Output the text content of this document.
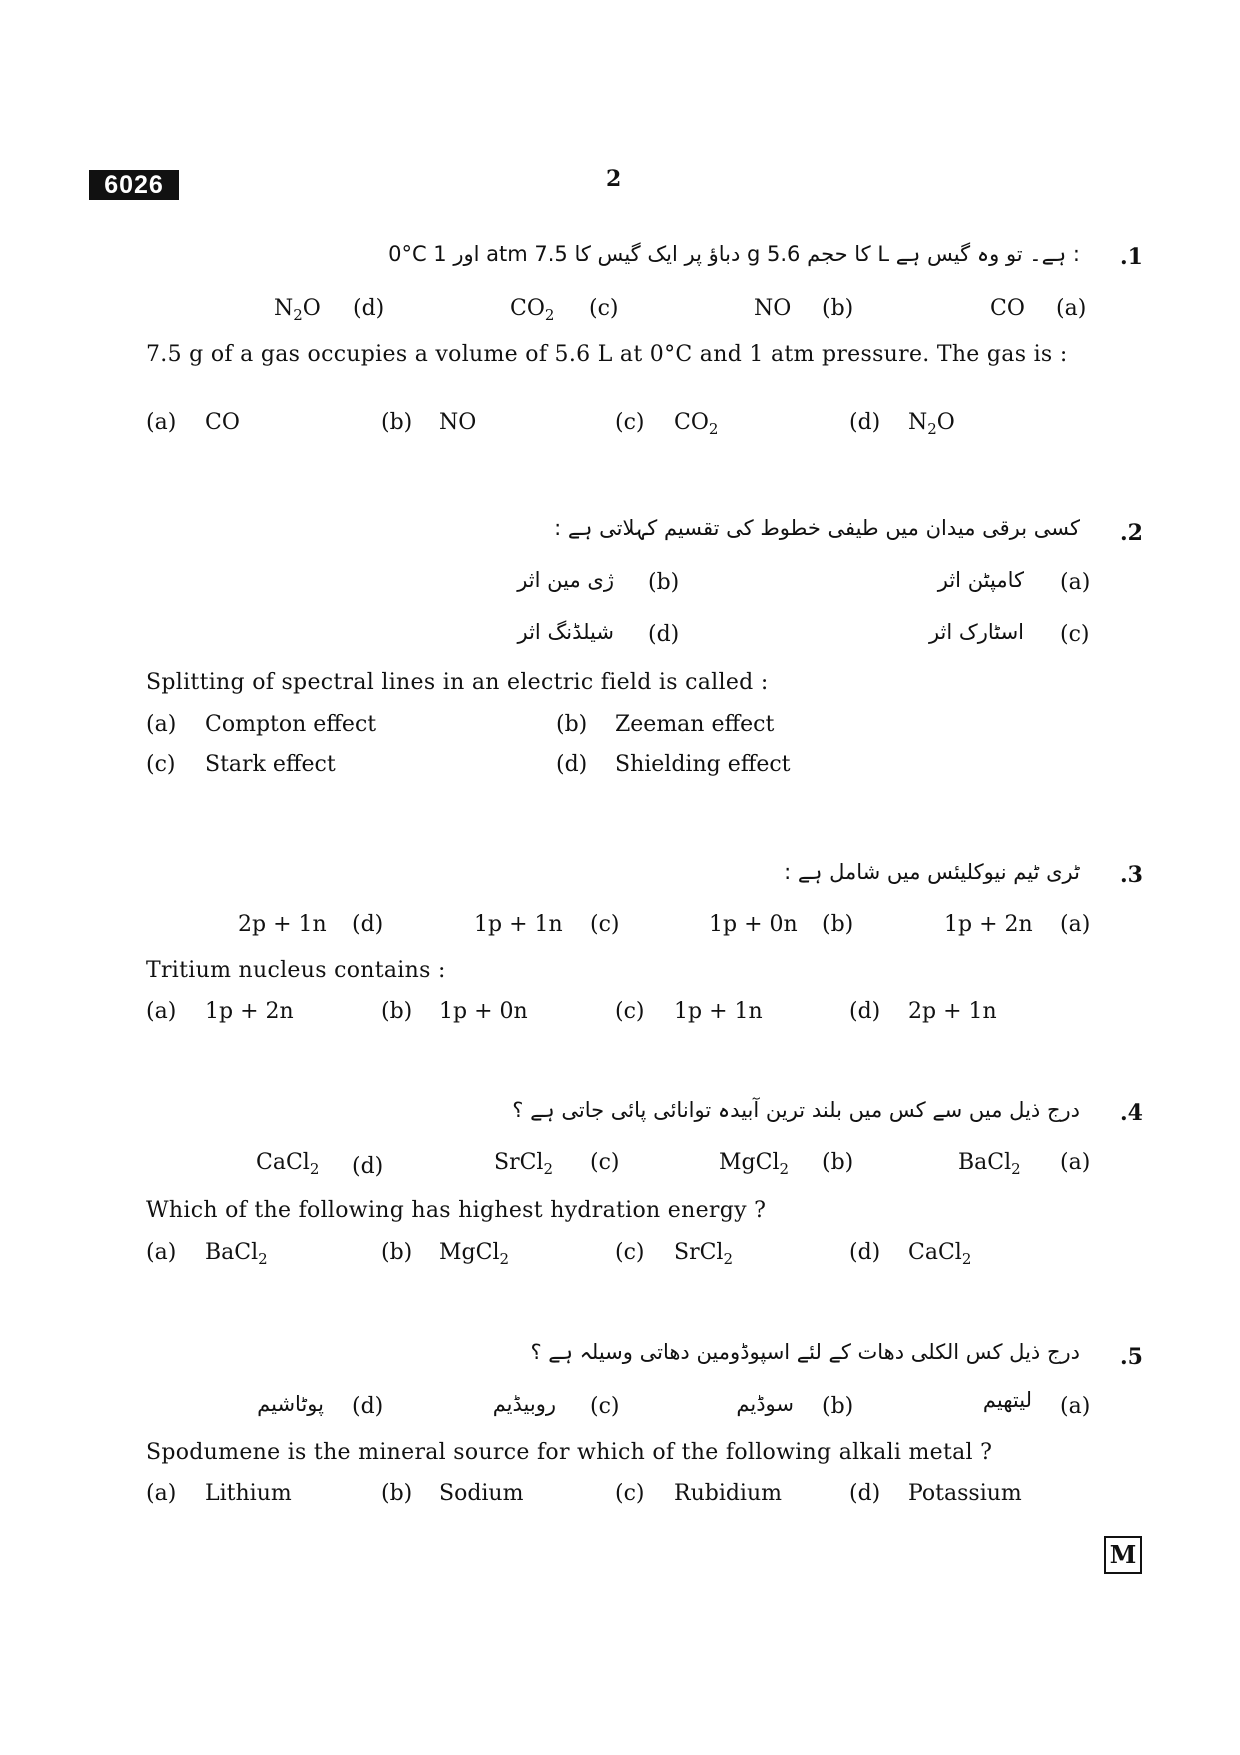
6026	2
.1
0°C اور 1 atm دباؤ پر ایک گیس کا 7.5 g کا حجم 5.6 L ہے۔ تو وہ گیس ہے :
(a)
CO
(b)
NO
(c)
$CO_2$
(d)
$N_2O$
7.5 g of a gas occupies a volume of 5.6 L at 0°C and 1 atm pressure. The gas is :
(a) CO	(b) NO	(c) $CO_2$	(d) $N_2O$
.2
کسی برقی میدان میں طیفی خطوط کی تقسیم کہلاتی ہے :
(a)
کامپٹن اثر
(b)
ژی مین اثر
(c)
اسٹارک اثر
(d)
شیلڈنگ اثر
Splitting of spectral lines in an electric field is called :
(a) Compton effect	(b) Zeeman effect
(c) Stark effect	(d) Shielding effect
.3
ٹری ٹیم نیوکلیئس میں شامل ہے :
(a)
1p + 2n
(b)
1p + 0n
(c)
1p + 1n
(d)
2p + 1n
Tritium nucleus contains :
(a) 1p + 2n	(b) 1p + 0n	(c) 1p + 1n	(d) 2p + 1n
.4
درج ذیل میں سے کس میں بلند ترین آبیدہ توانائی پائی جاتی ہے ؟
(a)
BaCl$_2$
(b)
MgCl$_2$
(c)
SrCl$_2$
(d)
CaCl$_2$
Which of the following has highest hydration energy ?
(a) BaCl$_2$	(b) MgCl$_2$	(c) SrCl$_2$	(d) CaCl$_2$
.5
درج ذیل کس الکلی دھات کے لئے اسپوڈومین دھاتی وسیلہ ہے ؟
(a)
لیتھیم
(b)
سوڈیم
(c)
روبیڈیم
(d)
پوٹاشیم
Spodumene is the mineral source for which of the following alkali metal ?
(a) Lithium	(b) Sodium	(c) Rubidium	(d) Potassium
M
